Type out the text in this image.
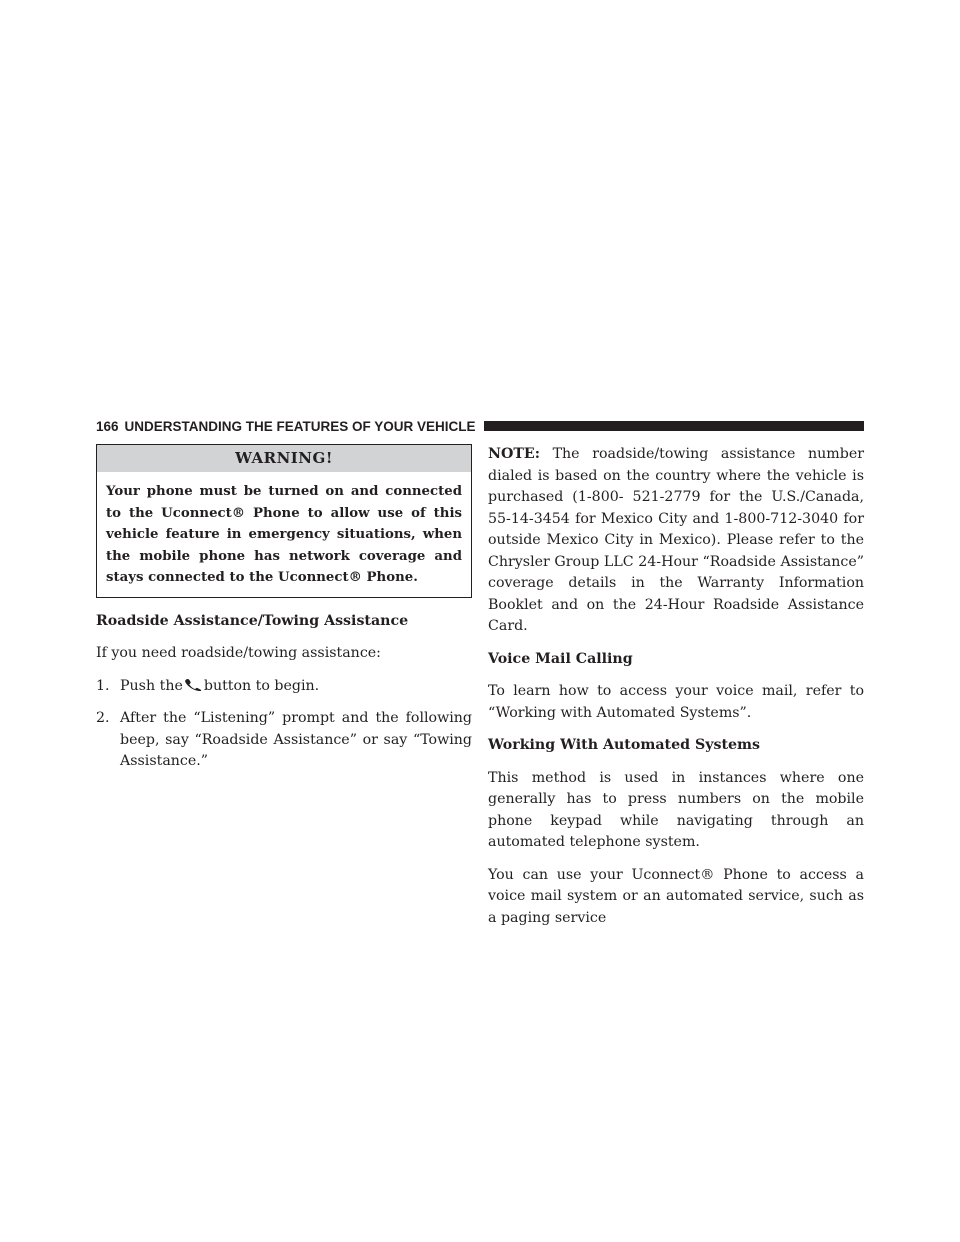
166 UNDERSTANDING THE FEATURES OF YOUR VEHICLE
WARNING!
Your phone must be turned on and connected to the Uconnect® Phone to allow use of this vehicle feature in emergency situations, when the mobile phone has network coverage and stays connected to the Uconnect® Phone.
Roadside Assistance/Towing Assistance

If you need roadside/towing assistance:

1. Push the button to begin.
2. After the “Listening” prompt and the following beep, say “Roadside Assistance” or say “Towing Assistance.”

NOTE: The roadside/towing assistance number dialed is based on the country where the vehicle is purchased (1-800- 521-2779 for the U.S./Canada, 55-14-3454 for Mexico City and 1-800-712-3040 for outside Mexico City in Mexico). Please refer to the Chrysler Group LLC 24-Hour “Roadside Assistance” coverage details in the Warranty Information Booklet and on the 24-Hour Roadside Assistance Card.

Voice Mail Calling

To learn how to access your voice mail, refer to “Working with Automated Systems”.

Working With Automated Systems

This method is used in instances where one generally has to press numbers on the mobile phone keypad while navigating through an automated telephone system.

You can use your Uconnect® Phone to access a voice mail system or an automated service, such as a paging service
